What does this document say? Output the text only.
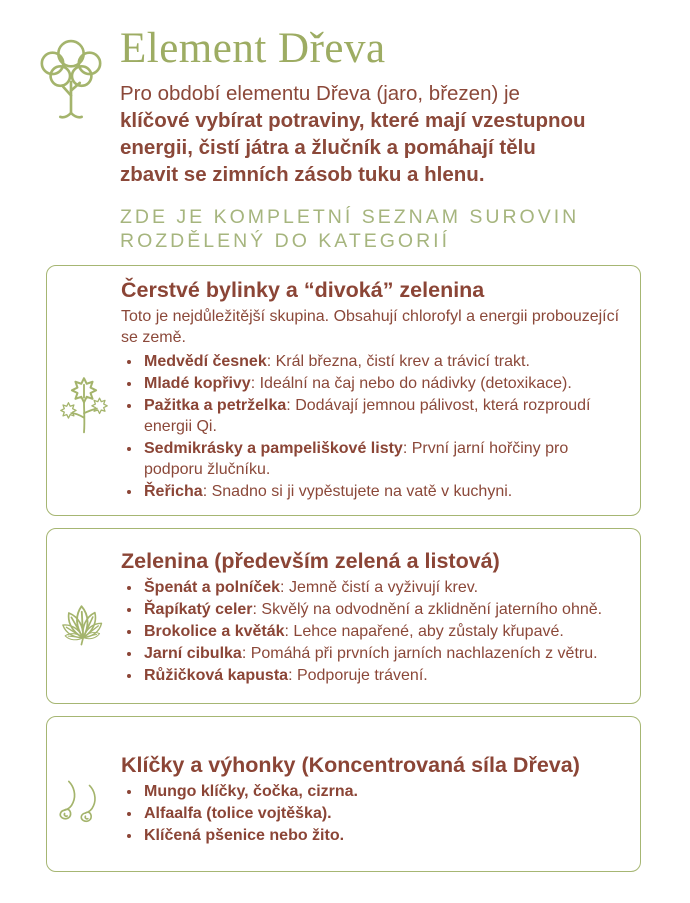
Element Dřeva
Pro období elementu Dřeva (jaro, březen) je
klíčové vybírat potraviny, které mají vzestupnou
energii, čistí játra a žlučník a pomáhají tělu
zbavit se zimních zásob tuku a hlenu.
ZDE JE KOMPLETNÍ SEZNAM SUROVIN
ROZDĚLENÝ DO KATEGORIÍ
Čerstvé bylinky a “divoká” zelenina
Toto je nejdůležitější skupina. Obsahují chlorofyl a energii probouzející se země.
• Medvědí česnek: Král března, čistí krev a trávicí trakt.
• Mladé kopřivy: Ideální na čaj nebo do nádivky (detoxikace).
• Pažitka a petrželka: Dodávají jemnou pálivost, která rozproudí energii Qi.
• Sedmikrásky a pampeliškové listy: První jarní hořčiny pro podporu žlučníku.
• Řeřicha: Snadno si ji vypěstujete na vatě v kuchyni.
Zelenina (především zelená a listová)
• Špenát a polníček: Jemně čistí a vyživují krev.
• Řapíkatý celer: Skvělý na odvodnění a zklidnění jaterního ohně.
• Brokolice a květák: Lehce napařené, aby zůstaly křupavé.
• Jarní cibulka: Pomáhá při prvních jarních nachlazeních z větru.
• Růžičková kapusta: Podporuje trávení.
Klíčky a výhonky (Koncentrovaná síla Dřeva)
• Mungo klíčky, čočka, cizrna.
• Alfaalfa (tolice vojtěška).
• Klíčená pšenice nebo žito.
